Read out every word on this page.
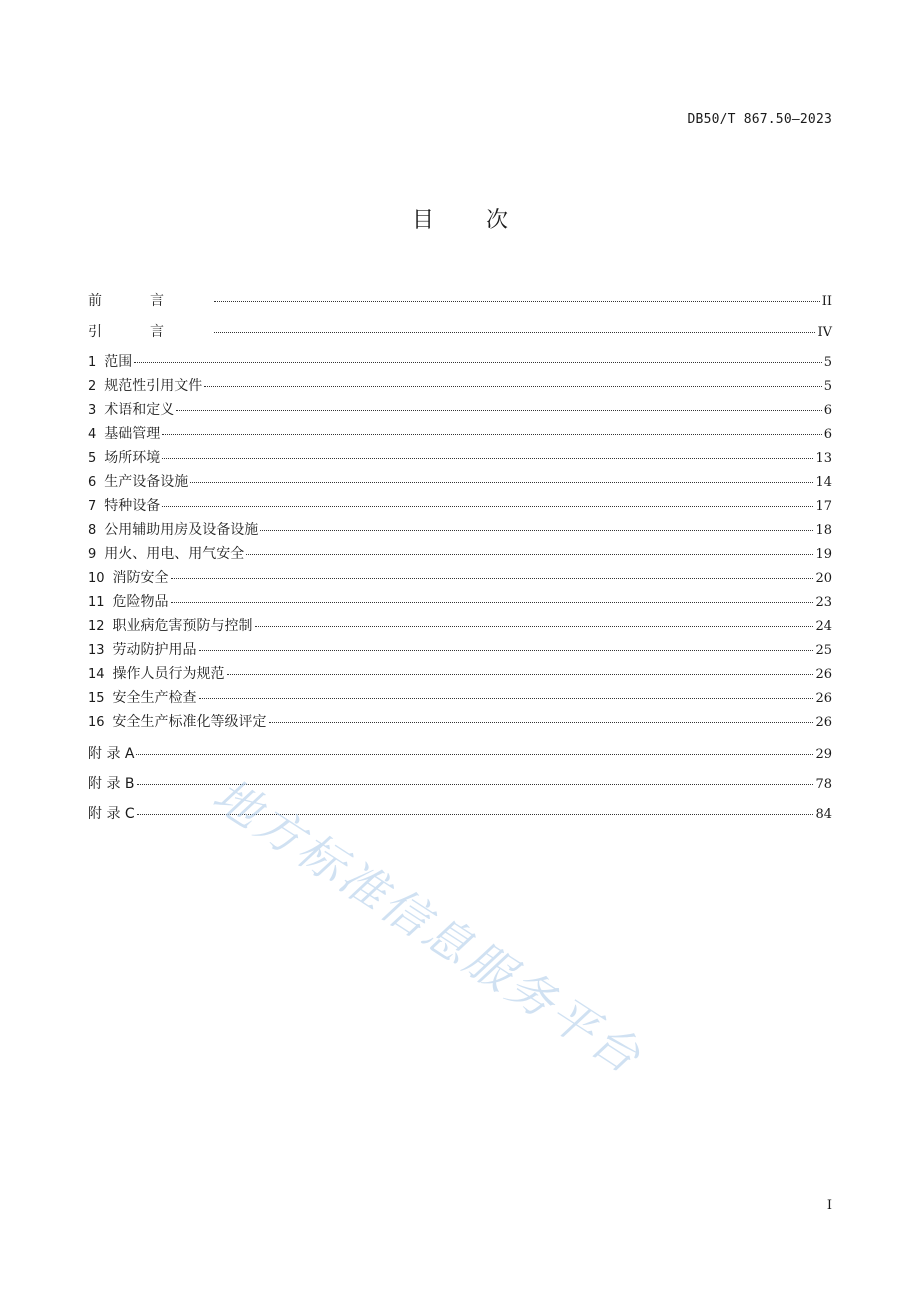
DB50/T 867.50—2023
目次
前言	II
引言	IV
1 范围	5
2 规范性引用文件	5
3 术语和定义	6
4 基础管理	6
5 场所环境	13
6 生产设备设施	14
7 特种设备	17
8 公用辅助用房及设备设施	18
9 用火、用电、用气安全	19
10 消防安全	20
11 危险物品	23
12 职业病危害预防与控制	24
13 劳动防护用品	25
14 操作人员行为规范	26
15 安全生产检查	26
16 安全生产标准化等级评定	26
附 录 A	29
附 录 B	78
附 录 C	84
I
地方标准信息服务平台
